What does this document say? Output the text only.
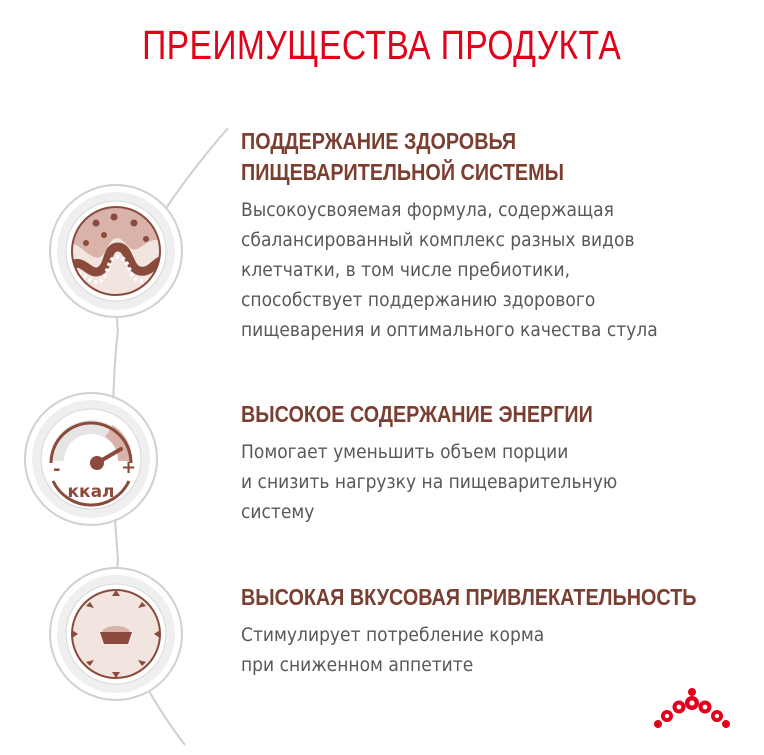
ПРЕИМУЩЕСТВА ПРОДУКТА
-	+
ккал
ПОДДЕРЖАНИЕ ЗДОРОВЬЯ
ПИЩЕВАРИТЕЛЬНОЙ СИСТЕМЫ
Высокоусвояемая формула, содержащая
сбалансированный комплекс разных видов
клетчатки, в том числе пребиотики,
способствует поддержанию здорового
пищеварения и оптимального качества стула
ВЫСОКОЕ СОДЕРЖАНИЕ ЭНЕРГИИ
Помогает уменьшить объем порции
и снизить нагрузку на пищеварительную
систему
ВЫСОКАЯ ВКУСОВАЯ ПРИВЛЕКАТЕЛЬНОСТЬ
Стимулирует потребление корма
при сниженном аппетите
